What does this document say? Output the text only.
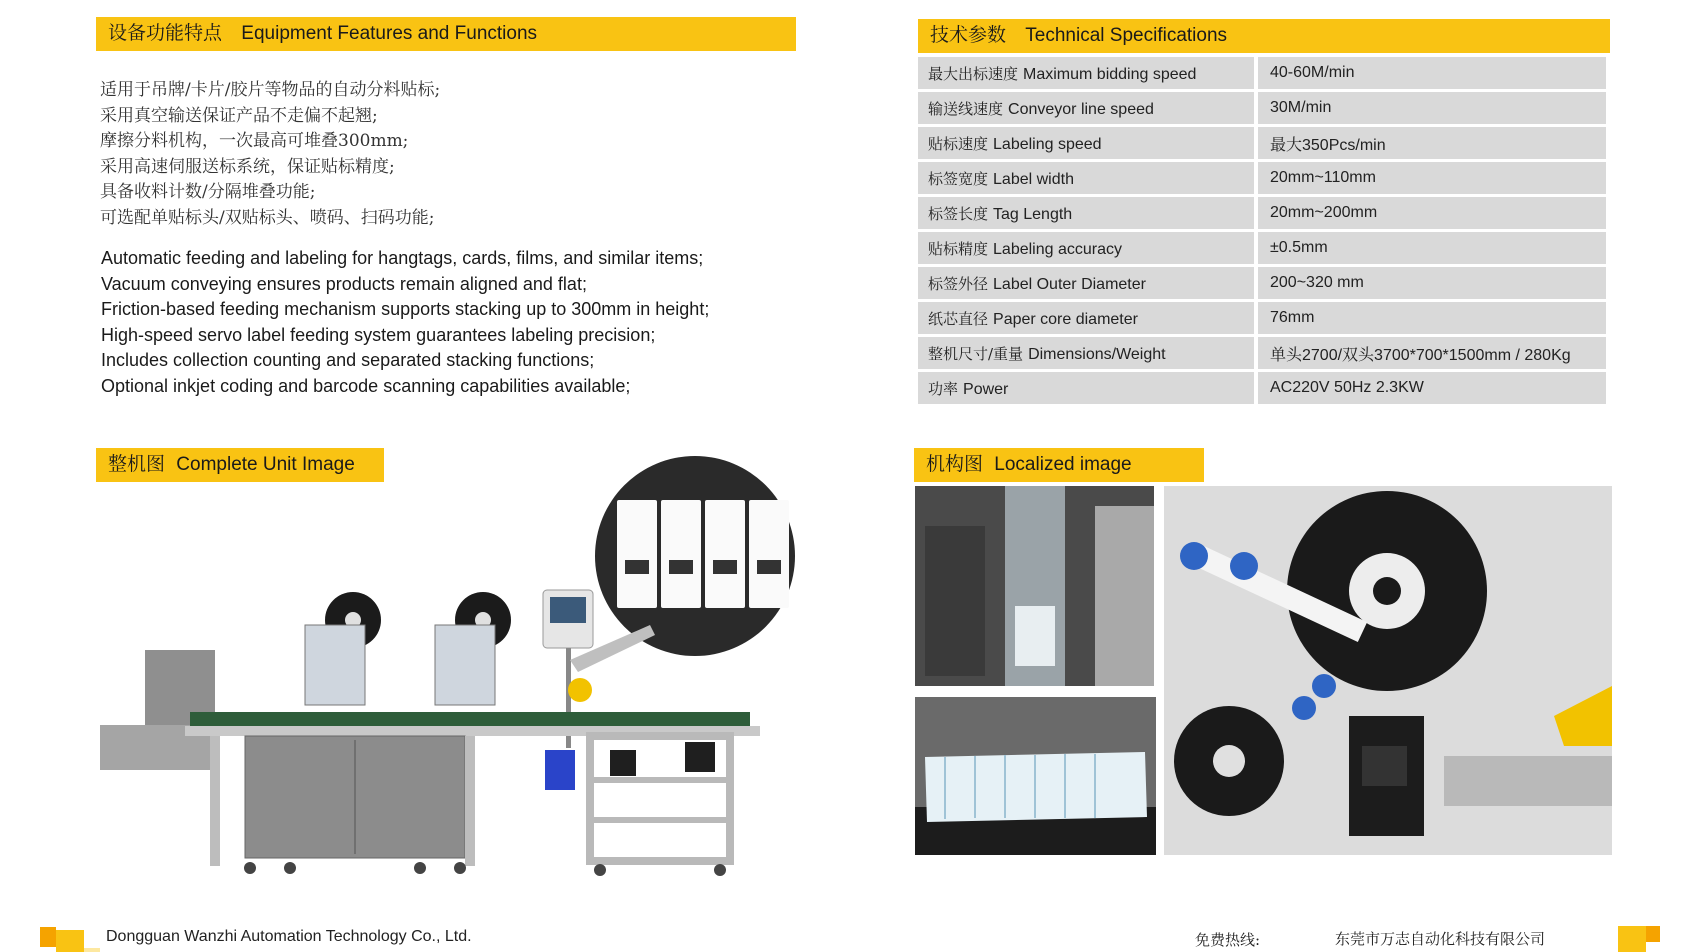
设备功能特点 Equipment Features and Functions
适用于吊牌/卡片/胶片等物品的自动分料贴标;
采用真空输送保证产品不走偏不起翘;
摩擦分料机构，一次最高可堆叠300mm;
采用高速伺服送标系统，保证贴标精度;
具备收料计数/分隔堆叠功能;
可选配单贴标头/双贴标头、喷码、扫码功能;
Automatic feeding and labeling for hangtags, cards, films, and similar items;
Vacuum conveying ensures products remain aligned and flat;
Friction-based feeding mechanism supports stacking up to 300mm in height;
High-speed servo label feeding system guarantees labeling precision;
Includes collection counting and separated stacking functions;
Optional inkjet coding and barcode scanning capabilities available;
技术参数 Technical Specifications
最大出标速度 Maximum bidding speed	40-60M/min
输送线速度 Conveyor line speed	30M/min
贴标速度 Labeling speed	最大350Pcs/min
标签宽度 Label width	20mm~110mm
标签长度 Tag Length	20mm~200mm
贴标精度 Labeling accuracy	±0.5mm
标签外径 Label Outer Diameter	200~320 mm
纸芯直径 Paper core diameter	76mm
整机尺寸/重量 Dimensions/Weight	单头2700/双头3700*700*1500mm / 280Kg
功率 Power	AC220V 50Hz 2.3KW
整机图 Complete Unit Image	机构图 Localized image
Dongguan Wanzhi Automation Technology Co., Ltd.	免费热线:	东莞市万志自动化科技有限公司
